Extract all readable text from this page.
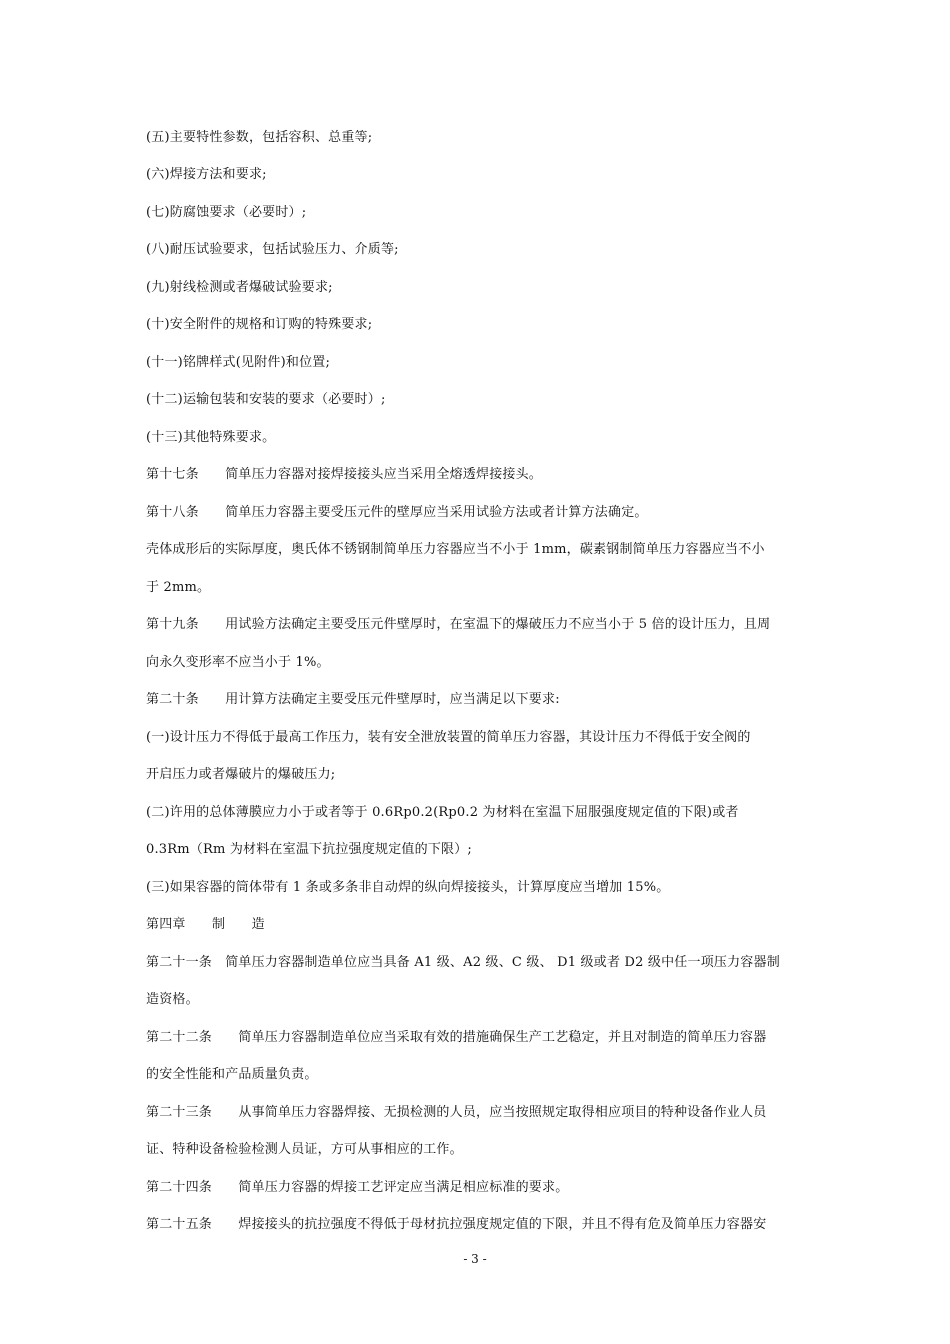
(五)主要特性参数，包括容积、总重等;
(六)焊接方法和要求;
(七)防腐蚀要求（必要时）;
(八)耐压试验要求，包括试验压力、介质等;
(九)射线检测或者爆破试验要求;
(十)安全附件的规格和订购的特殊要求;
(十一)铭牌样式(见附件)和位置;
(十二)运输包装和安装的要求（必要时）;
(十三)其他特殊要求。
第十七条　　简单压力容器对接焊接接头应当采用全熔透焊接接头。
第十八条　　简单压力容器主要受压元件的壁厚应当采用试验方法或者计算方法确定。
壳体成形后的实际厚度，奥氏体不锈钢制简单压力容器应当不小于 1mm，碳素钢制简单压力容器应当不小
于 2mm。
第十九条　　用试验方法确定主要受压元件壁厚时，在室温下的爆破压力不应当小于 5 倍的设计压力，且周
向永久变形率不应当小于 1%。
第二十条　　用计算方法确定主要受压元件壁厚时，应当满足以下要求:
(一)设计压力不得低于最高工作压力，装有安全泄放装置的简单压力容器，其设计压力不得低于安全阀的
开启压力或者爆破片的爆破压力;
(二)许用的总体薄膜应力小于或者等于 0.6Rp0.2(Rp0.2 为材料在室温下屈服强度规定值的下限)或者
0.3Rm（Rm 为材料在室温下抗拉强度规定值的下限）;
(三)如果容器的筒体带有 1 条或多条非自动焊的纵向焊接接头，计算厚度应当增加 15%。
第四章　　制　　造
第二十一条　简单压力容器制造单位应当具备 A1 级、A2 级、C 级、 D1 级或者 D2 级中任一项压力容器制
造资格。
第二十二条　　简单压力容器制造单位应当采取有效的措施确保生产工艺稳定，并且对制造的简单压力容器
的安全性能和产品质量负责。
第二十三条　　从事简单压力容器焊接、无损检测的人员，应当按照规定取得相应项目的特种设备作业人员
证、特种设备检验检测人员证，方可从事相应的工作。
第二十四条　　简单压力容器的焊接工艺评定应当满足相应标准的要求。
第二十五条　　焊接接头的抗拉强度不得低于母材抗拉强度规定值的下限，并且不得有危及简单压力容器安
- 3 -
